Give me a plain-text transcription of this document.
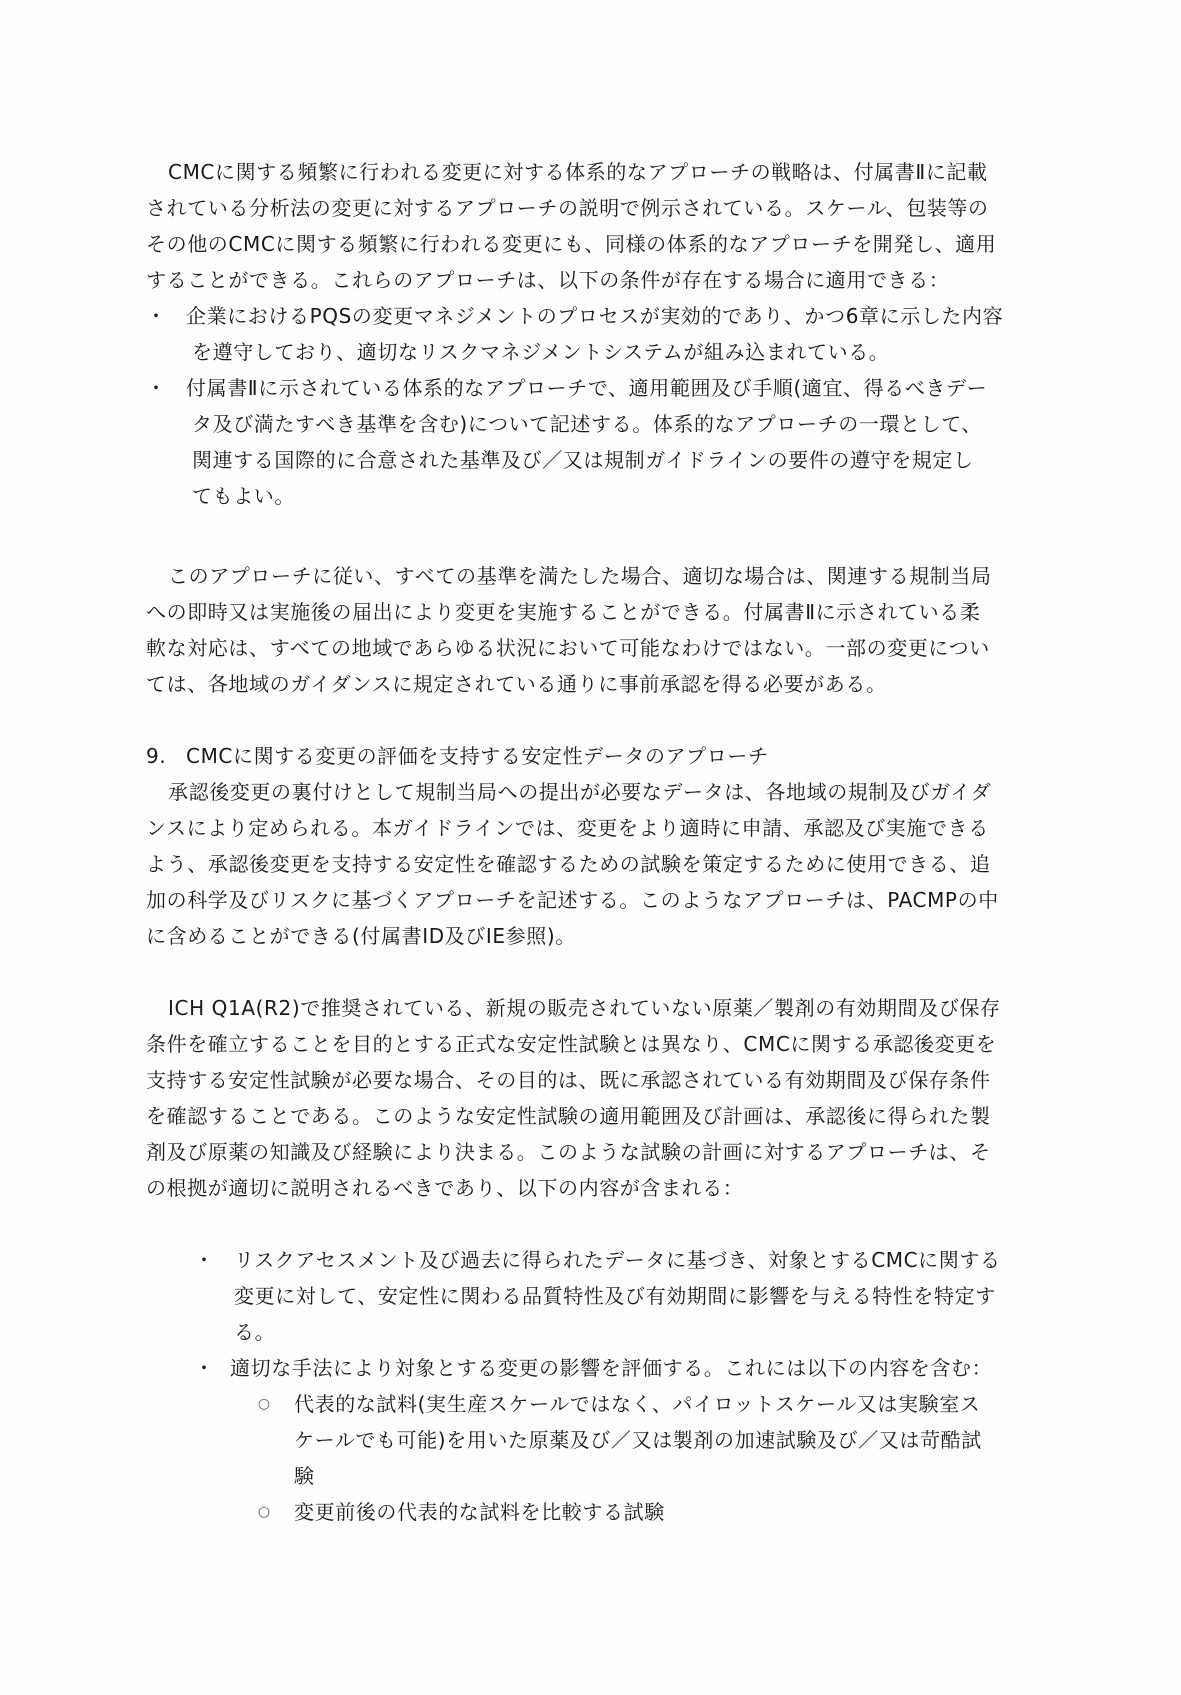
CMCに関する頻繁に行われる変更に対する体系的なアプローチの戦略は、付属書Ⅱに記載
されている分析法の変更に対するアプローチの説明で例示されている。スケール、包装等の
その他のCMCに関する頻繁に行われる変更にも、同様の体系的なアプローチを開発し、適用
することができる。これらのアプローチは、以下の条件が存在する場合に適用できる：
・	企業におけるPQSの変更マネジメントのプロセスが実効的であり、かつ6章に示した内容
を遵守しており、適切なリスクマネジメントシステムが組み込まれている。
・	付属書Ⅱに示されている体系的なアプローチで、適用範囲及び手順(適宜、得るべきデー
タ及び満たすべき基準を含む)について記述する。体系的なアプローチの一環として、
関連する国際的に合意された基準及び／又は規制ガイドラインの要件の遵守を規定し
てもよい。
このアプローチに従い、すべての基準を満たした場合、適切な場合は、関連する規制当局
への即時又は実施後の届出により変更を実施することができる。付属書Ⅱに示されている柔
軟な対応は、すべての地域であらゆる状況において可能なわけではない。一部の変更につい
ては、各地域のガイダンスに規定されている通りに事前承認を得る必要がある。
9. CMCに関する変更の評価を支持する安定性データのアプローチ
承認後変更の裏付けとして規制当局への提出が必要なデータは、各地域の規制及びガイダ
ンスにより定められる。本ガイドラインでは、変更をより適時に申請、承認及び実施できる
よう、承認後変更を支持する安定性を確認するための試験を策定するために使用できる、追
加の科学及びリスクに基づくアプローチを記述する。このようなアプローチは、PACMPの中
に含めることができる(付属書ⅠD及びⅠE参照)。
ICH Q1A(R2)で推奨されている、新規の販売されていない原薬／製剤の有効期間及び保存
条件を確立することを目的とする正式な安定性試験とは異なり、CMCに関する承認後変更を
支持する安定性試験が必要な場合、その目的は、既に承認されている有効期間及び保存条件
を確認することである。このような安定性試験の適用範囲及び計画は、承認後に得られた製
剤及び原薬の知識及び経験により決まる。このような試験の計画に対するアプローチは、そ
の根拠が適切に説明されるべきであり、以下の内容が含まれる：
・	リスクアセスメント及び過去に得られたデータに基づき、対象とするCMCに関する
変更に対して、安定性に関わる品質特性及び有効期間に影響を与える特性を特定す
る。
・ 適切な手法により対象とする変更の影響を評価する。これには以下の内容を含む：
○	代表的な試料(実生産スケールではなく、パイロットスケール又は実験室ス
ケールでも可能)を用いた原薬及び／又は製剤の加速試験及び／又は苛酷試
験
○	変更前後の代表的な試料を比較する試験
